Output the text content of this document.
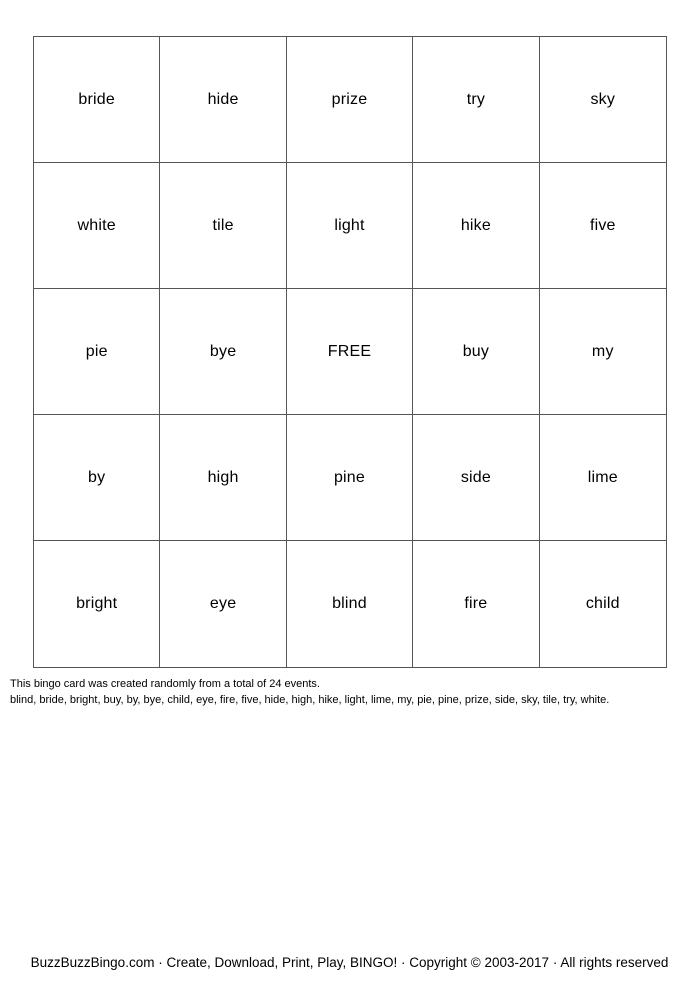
bride	hide	prize	try	sky
white	tile	light	hike	five
pie	bye	FREE	buy	my
by	high	pine	side	lime
bright	eye	blind	fire	child
This bingo card was created randomly from a total of 24 events.
blind, bride, bright, buy, by, bye, child, eye, fire, five, hide, high, hike, light, lime, my, pie, pine, prize, side, sky, tile, try, white.
BuzzBuzzBingo.com · Create, Download, Print, Play, BINGO! · Copyright © 2003-2017 · All rights reserved
